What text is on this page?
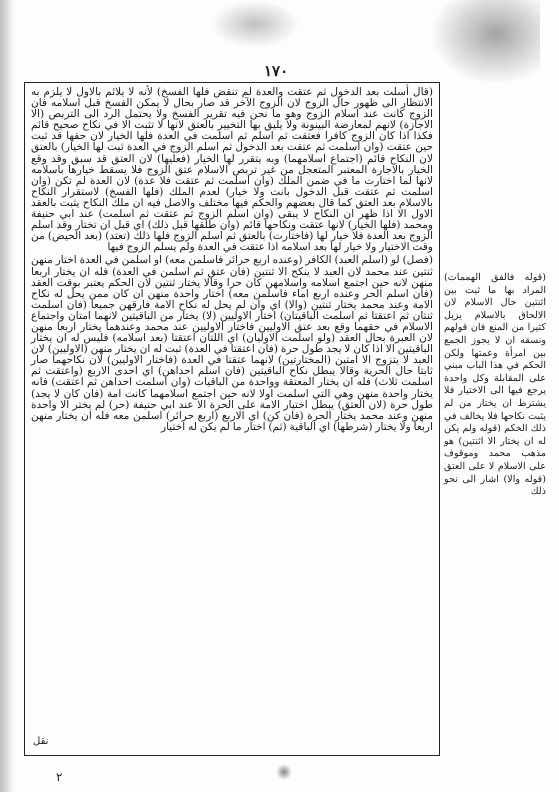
١٧٠

(قال أسلت بعد الدخول ثم عتقت والعدة لم تنقض فلها الفسخ) لأنه لا يلائم بالاول لا يلزم به الانتظار الى ظهور حال الزوج لان الزوج الآخر قد صار بحال لا يمكن الفسخ قبل اسلامه فان الزوج كانت عند اسلام الزوج وهو ما نحن فيه تقرير الفسخ ولا يحتمل الرد الى التربص (الا الاجازة) لانهم لمعارضة البينونة ولا يليق بها التخيير بالعتق لانها لا تثبت الا في نكاح صحيح قائم فكذا اذا كان الزوج كافرا فعتقت ثم اسلم ثم اسلمت في العدة فلها الخيار لان حقها قد ثبت حين عتقت (وان اسلمت ثم عتقت بعد الدخول ثم اسلم الزوج في العدة ثبت لها الخيار) بالعتق لان النكاح قائم (اجتماع اسلامهما) وبه يتقرر لها الخيار (فعليها) لان العتق قد سبق وقد وقع الخيار بالاجارة المعتبر المتعجل من غير تربص الاسلام عتق الزوج فلا يسقط خيارها باسلامه لانها لما اختارت ما في ضمن الملك (وان اسلمت ثم عتقت فلا عدة) لان العدة لم تكن (وان اسلمت ثم عتقت قبل الدخول بانت ولا خيار) لعدم الملك (فلها الفسخ) لاستقرار النكاح بالاسلام بعد العتق كما قال بعضهم والحكم فيها مختلف والاصل فيه ان ملك النكاح يثبت بالعقد الاول الا اذا ظهر ان النكاح لا يبقى (وان اسلم الزوج ثم عتقت ثم اسلمت) عند ابي حنيفة ومحمد (فلها الخيار) لانها عتقت ونكاحها قائم (وان طلقها قبل ذلك) اي قبل ان تختار وقد اسلم الزوج بعد العدة فلا خيار لها (فاختارت) بالعتق ثم اسلم الزوج فلها ذلك (تعتد) (بعد الحيض) من وقت الاختيار ولا خيار لها بعد اسلامه اذا عتقت في العدة ولم يسلم الزوج فيها

(فصل) لو (اسلم العبد) الكافر (وعنده اربع حرائر فاسلمن معه) او اسلمن في العدة اختار منهن ثنتين عند محمد لان العبد لا ينكح الا ثنتين (فان عتق ثم اسلمن في العدة) فله ان يختار اربعا منهن لانه حين اجتمع اسلامه واسلامهن كان حرا وقالا يختار ثنتين لان الحكم يعتبر بوقت العقد (فان اسلم الحر وعنده اربع اماء فاسلمن معه) اختار واحدة منهن ان كان ممن يحل له نكاح الامة وعند محمد يختار ثنتين (والا) اي وان لم يحل له نكاح الامة فارقهن جميعا (فان اسلمت ثنتان ثم اعتقتا ثم اسلمت الباقيتان) اختار الاوليين (لا) يختار من الباقيتين لانهما امتان واجتماع الاسلام في حقهما وقع بعد عتق الاوليين فاختار الاوليين عند محمد وعندهما يختار اربعا منهن لان العبرة بحال العقد (ولو اسلمت الاوليان) اي اللتان اعتقتا (بعد اسلامه) فليس له ان يختار الباقيتين الا اذا كان لا يجد طول حرة (فان اعتقتا في العدة) ثبت له ان يختار منهن (الاوليين) لان العبد لا يتزوج الا امتين (المختارتين) لانهما عتقتا في العدة (فاختار الاوليين) لان نكاحهما صار ثابتا حال الحرية وقالا يبطل نكاح الباقيتين (فان اسلم احداهن) اي احدى الاربع (واعتقت ثم اسلمت ثلاث) فله ان يختار المعتقة وواحدة من الباقيات (وان اسلمت احداهن ثم اعتقت) فانه يختار واحدة منهن وهي التي اسلمت اولا لانه حين اجتمع اسلامهما كانت امة (فان كان لا يجد) طول حرة (لان العتق) يبطل اختيار الامة على الحرة الا عند ابي حنيفة (حر) لم يختر الا واحدة منهن وعند محمد يختار الحرة (فان كن) اي الاربع (اربع حرائر) اسلمن معه فله ان يختار منهن اربعا ولا يختار (شرطها) اي الباقية (ثم) اختار ما لم يكن له اختيار

نقل
(قوله فالفق الهممات) المراد بها ما ثبت بين اثنتين حال الاسلام لان الالحاق بالاسلام يزيل كثيرا من المنع فان قولهم ونسقه ان لا يجوز الجمع بين امرأة وعمتها ولكن الحكم في هذا الباب مبني على المقابلة وكل واحدة يرجع فيها الى الاختيار فلا يشترط ان يختار من لم يثبت نكاحها فلا يخالف في ذلك الحكم (قوله ولم يكن له ان يختار الا اثنتين) هو مذهب محمد وموقوف على الاسلام لا على العتق (قوله والا) اشار الى نحو ذلك
٢
